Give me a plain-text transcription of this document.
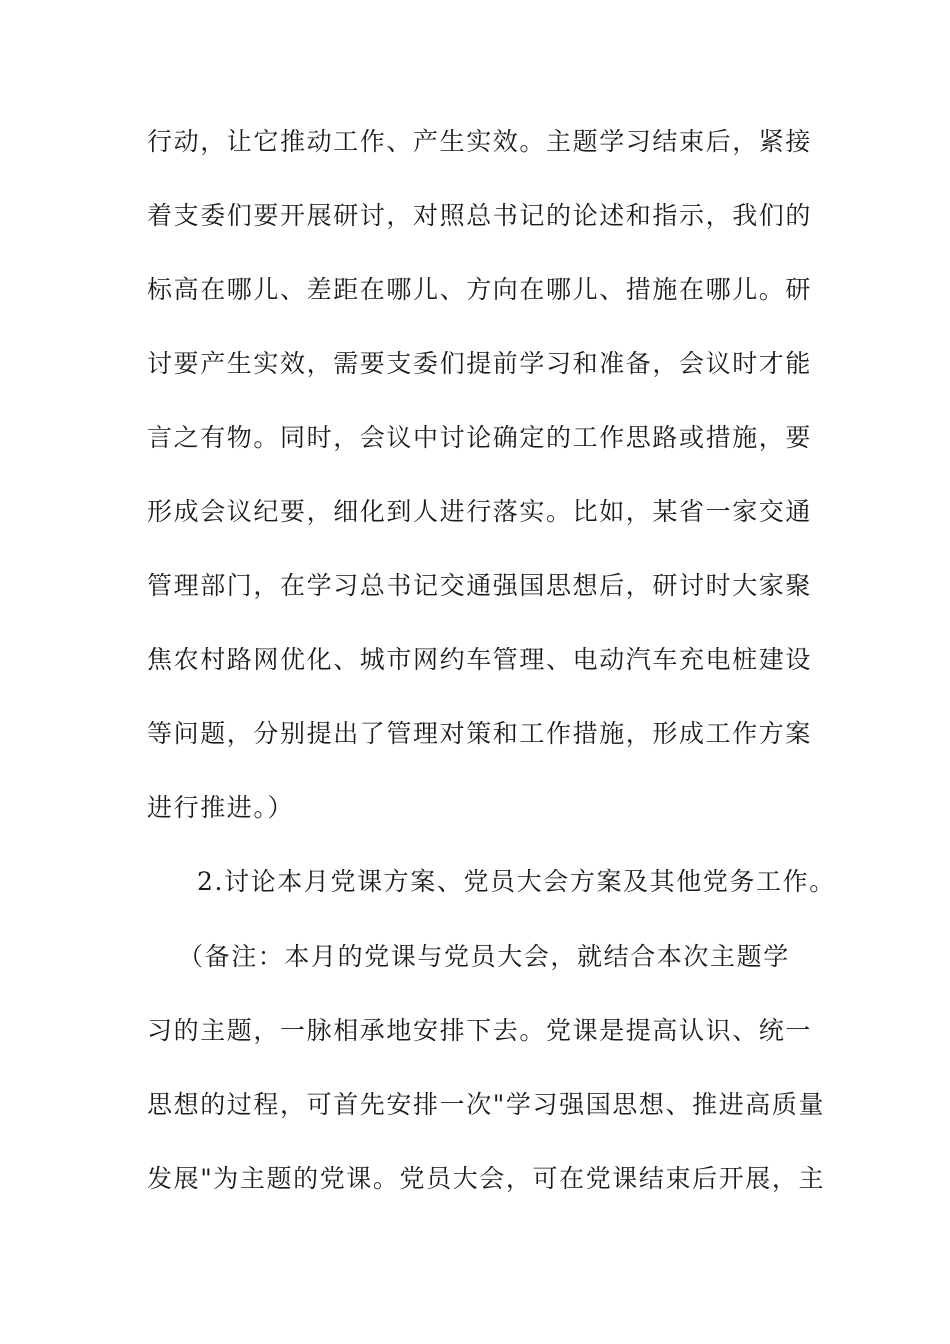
行动，让它推动工作、产生实效。主题学习结束后，紧接
着支委们要开展研讨，对照总书记的论述和指示，我们的
标高在哪儿、差距在哪儿、方向在哪儿、措施在哪儿。研
讨要产生实效，需要支委们提前学习和准备，会议时才能
言之有物。同时，会议中讨论确定的工作思路或措施，要
形成会议纪要，细化到人进行落实。比如，某省一家交通
管理部门，在学习总书记交通强国思想后，研讨时大家聚
焦农村路网优化、城市网约车管理、电动汽车充电桩建设
等问题，分别提出了管理对策和工作措施，形成工作方案
进行推进。）
2.讨论本月党课方案、党员大会方案及其他党务工作。
（备注：本月的党课与党员大会，就结合本次主题学
习的主题，一脉相承地安排下去。党课是提高认识、统一
思想的过程，可首先安排一次"学习强国思想、推进高质量
发展"为主题的党课。党员大会，可在党课结束后开展，主
